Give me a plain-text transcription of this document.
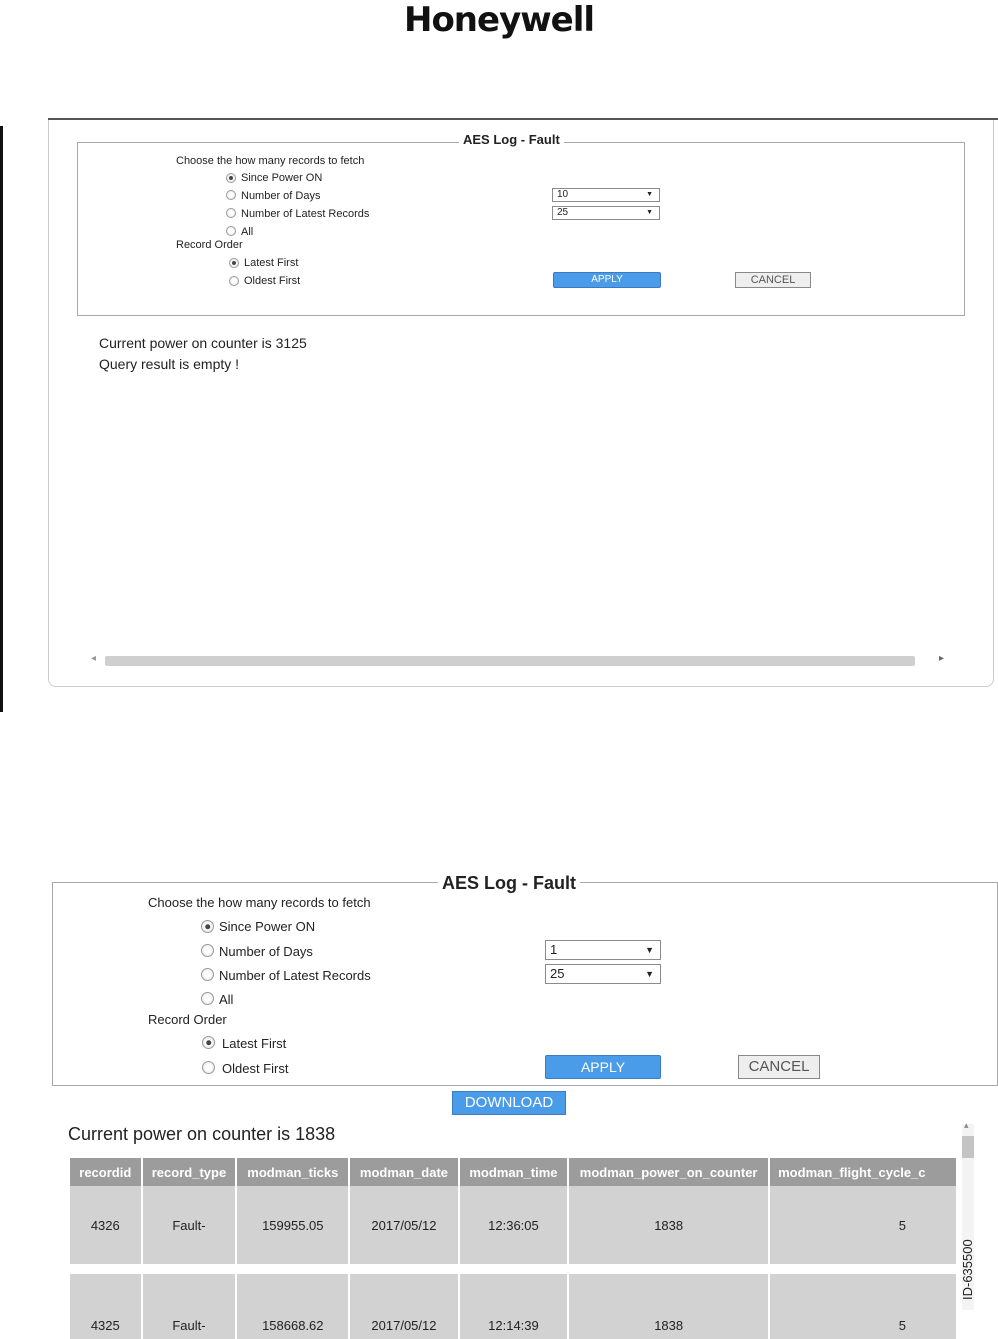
Honeywell
AES Log - Fault
Choose the how many records to fetch
Since Power ON
Number of Days
Number of Latest Records
All
Record Order
Latest First
Oldest First
10	▼
25	▼
APPLY	CANCEL
Current power on counter is 3125
Query result is empty !
◂	▸
AES Log - Fault
Choose the how many records to fetch
Since Power ON
Number of Days
Number of Latest Records
All
Record Order
Latest First
Oldest First
1	▼
25	▼
APPLY	CANCEL
DOWNLOAD
Current power on counter is 1838
recordid	record_type	modman_ticks	modman_date	modman_time	modman_power_on_counter	modman_flight_cycle_c
4326	Fault-	159955.05	2017/05/12	12:36:05	1838	5

4325	Fault-	158668.62	2017/05/12	12:14:39	1838	5
▴
ID-635500
